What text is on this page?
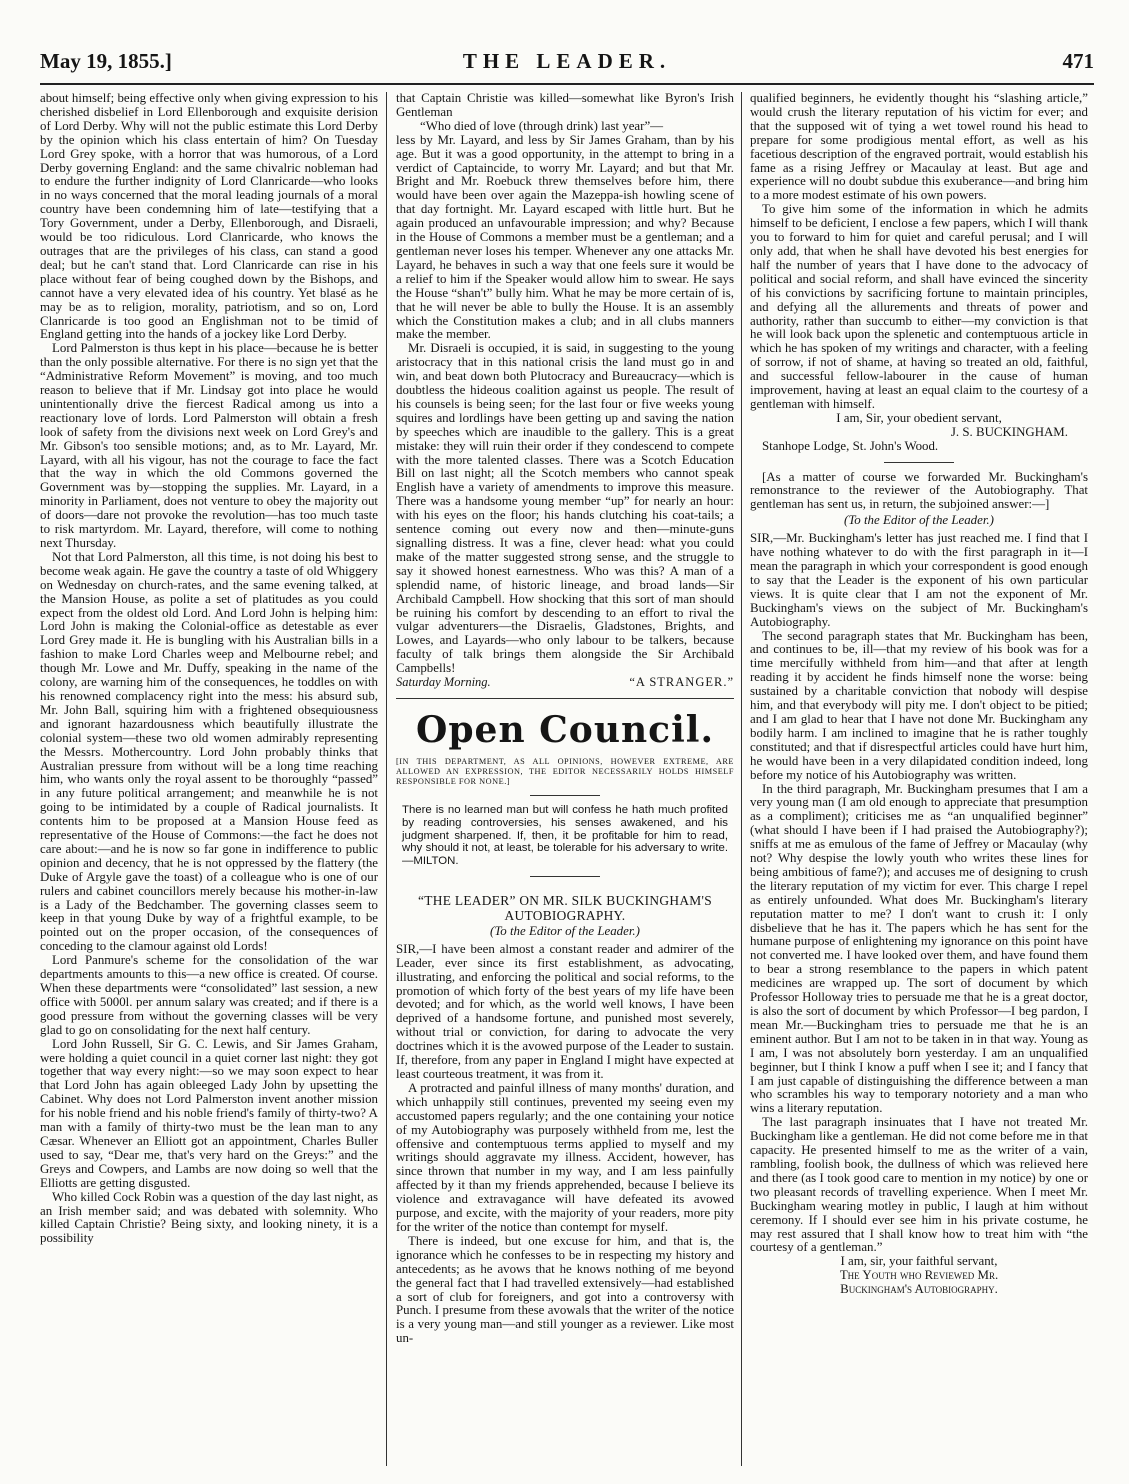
May 19, 1855.]	THE LEADER.	471

about himself; being effective only when giving expression to his cherished disbelief in Lord Ellenborough and exquisite derision of Lord Derby. Why will not the public estimate this Lord Derby by the opinion which his class entertain of him? On Tuesday Lord Grey spoke, with a horror that was humorous, of a Lord Derby governing England: and the same chivalric nobleman had to endure the further indignity of Lord Clanricarde—who looks in no ways concerned that the moral leading journals of a moral country have been condemning him of late—testifying that a Tory Government, under a Derby, Ellenborough, and Disraeli, would be too ridiculous. Lord Clanricarde, who knows the outrages that are the privileges of his class, can stand a good deal; but he can't stand that. Lord Clanricarde can rise in his place without fear of being coughed down by the Bishops, and cannot have a very elevated idea of his country. Yet blasé as he may be as to religion, morality, patriotism, and so on, Lord Clanricarde is too good an Englishman not to be timid of England getting into the hands of a jockey like Lord Derby.

Lord Palmerston is thus kept in his place—because he is better than the only possible alternative. For there is no sign yet that the “Administrative Reform Movement” is moving, and too much reason to believe that if Mr. Lindsay got into place he would unintentionally drive the fiercest Radical among us into a reactionary love of lords. Lord Palmerston will obtain a fresh look of safety from the divisions next week on Lord Grey's and Mr. Gibson's too sensible motions; and, as to Mr. Layard, Mr. Layard, with all his vigour, has not the courage to face the fact that the way in which the old Commons governed the Government was by—stopping the supplies. Mr. Layard, in a minority in Parliament, does not venture to obey the majority out of doors—dare not provoke the revolution—has too much taste to risk martyrdom. Mr. Layard, therefore, will come to nothing next Thursday.

Not that Lord Palmerston, all this time, is not doing his best to become weak again. He gave the country a taste of old Whiggery on Wednesday on church-rates, and the same evening talked, at the Mansion House, as polite a set of platitudes as you could expect from the oldest old Lord. And Lord John is helping him: Lord John is making the Colonial-office as detestable as ever Lord Grey made it. He is bungling with his Australian bills in a fashion to make Lord Charles weep and Melbourne rebel; and though Mr. Lowe and Mr. Duffy, speaking in the name of the colony, are warning him of the consequences, he toddles on with his renowned complacency right into the mess: his absurd sub, Mr. John Ball, squiring him with a frightened obsequiousness and ignorant hazardousness which beautifully illustrate the colonial system—these two old women admirably representing the Messrs. Mothercountry. Lord John probably thinks that Australian pressure from without will be a long time reaching him, who wants only the royal assent to be thoroughly “passed” in any future political arrangement; and meanwhile he is not going to be intimidated by a couple of Radical journalists. It contents him to be proposed at a Mansion House feed as representative of the House of Commons:—the fact he does not care about:—and he is now so far gone in indifference to public opinion and decency, that he is not oppressed by the flattery (the Duke of Argyle gave the toast) of a colleague who is one of our rulers and cabinet councillors merely because his mother-in-law is a Lady of the Bedchamber. The governing classes seem to keep in that young Duke by way of a frightful example, to be pointed out on the proper occasion, of the consequences of conceding to the clamour against old Lords!

Lord Panmure's scheme for the consolidation of the war departments amounts to this—a new office is created. Of course. When these departments were “consolidated” last session, a new office with 5000l. per annum salary was created; and if there is a good pressure from without the governing classes will be very glad to go on consolidating for the next half century.

Lord John Russell, Sir G. C. Lewis, and Sir James Graham, were holding a quiet council in a quiet corner last night: they got together that way every night:—so we may soon expect to hear that Lord John has again obleeged Lady John by upsetting the Cabinet. Why does not Lord Palmerston invent another mission for his noble friend and his noble friend's family of thirty-two? A man with a family of thirty-two must be the lean man to any Cæsar. Whenever an Elliott got an appointment, Charles Buller used to say, “Dear me, that's very hard on the Greys:” and the Greys and Cowpers, and Lambs are now doing so well that the Elliotts are getting disgusted.

Who killed Cock Robin was a question of the day last night, as an Irish member said; and was debated with solemnity. Who killed Captain Christie? Being sixty, and looking ninety, it is a possibility

that Captain Christie was killed—somewhat like Byron's Irish Gentleman

“Who died of love (through drink) last year”—

less by Mr. Layard, and less by Sir James Graham, than by his age. But it was a good opportunity, in the attempt to bring in a verdict of Captaincide, to worry Mr. Layard; and but that Mr. Bright and Mr. Roebuck threw themselves before him, there would have been over again the Mazeppa-ish howling scene of that day fortnight. Mr. Layard escaped with little hurt. But he again produced an unfavourable impression; and why? Because in the House of Commons a member must be a gentleman; and a gentleman never loses his temper. Whenever any one attacks Mr. Layard, he behaves in such a way that one feels sure it would be a relief to him if the Speaker would allow him to swear. He says the House “shan't” bully him. What he may be more certain of is, that he will never be able to bully the House. It is an assembly which the Constitution makes a club; and in all clubs manners make the member.

Mr. Disraeli is occupied, it is said, in suggesting to the young aristocracy that in this national crisis the land must go in and win, and beat down both Plutocracy and Bureaucracy—which is doubtless the hideous coalition against us people. The result of his counsels is being seen; for the last four or five weeks young squires and lordlings have been getting up and saving the nation by speeches which are inaudible to the gallery. This is a great mistake: they will ruin their order if they condescend to compete with the more talented classes. There was a Scotch Education Bill on last night; all the Scotch members who cannot speak English have a variety of amendments to improve this measure. There was a handsome young member “up” for nearly an hour: with his eyes on the floor; his hands clutching his coat-tails; a sentence coming out every now and then—minute-guns signalling distress. It was a fine, clever head: what you could make of the matter suggested strong sense, and the struggle to say it showed honest earnestness. Who was this? A man of a splendid name, of historic lineage, and broad lands—Sir Archibald Campbell. How shocking that this sort of man should be ruining his comfort by descending to an effort to rival the vulgar adventurers—the Disraelis, Gladstones, Brights, and Lowes, and Layards—who only labour to be talkers, because faculty of talk brings them alongside the Sir Archibald Campbells!

Saturday Morning.	“A STRANGER.”
Open Council.
[IN THIS DEPARTMENT, AS ALL OPINIONS, HOWEVER EXTREME, ARE ALLOWED AN EXPRESSION, THE EDITOR NECESSARILY HOLDS HIMSELF RESPONSIBLE FOR NONE.]
There is no learned man but will confess he hath much profited by reading controversies, his senses awakened, and his judgment sharpened. If, then, it be profitable for him to read, why should it not, at least, be tolerable for his adversary to write.—MILTON.
“THE LEADER” ON MR. SILK BUCKINGHAM'S AUTOBIOGRAPHY.
(To the Editor of the Leader.)

SIR,—I have been almost a constant reader and admirer of the Leader, ever since its first establishment, as advocating, illustrating, and enforcing the political and social reforms, to the promotion of which forty of the best years of my life have been devoted; and for which, as the world well knows, I have been deprived of a handsome fortune, and punished most severely, without trial or conviction, for daring to advocate the very doctrines which it is the avowed purpose of the Leader to sustain. If, therefore, from any paper in England I might have expected at least courteous treatment, it was from it.

A protracted and painful illness of many months' duration, and which unhappily still continues, prevented my seeing even my accustomed papers regularly; and the one containing your notice of my Autobiography was purposely withheld from me, lest the offensive and contemptuous terms applied to myself and my writings should aggravate my illness. Accident, however, has since thrown that number in my way, and I am less painfully affected by it than my friends apprehended, because I believe its violence and extravagance will have defeated its avowed purpose, and excite, with the majority of your readers, more pity for the writer of the notice than contempt for myself.

There is indeed, but one excuse for him, and that is, the ignorance which he confesses to be in respecting my history and antecedents; as he avows that he knows nothing of me beyond the general fact that I had travelled extensively—had established a sort of club for foreigners, and got into a controversy with Punch. I presume from these avowals that the writer of the notice is a very young man—and still younger as a reviewer. Like most un-

qualified beginners, he evidently thought his “slashing article,” would crush the literary reputation of his victim for ever; and that the supposed wit of tying a wet towel round his head to prepare for some prodigious mental effort, as well as his facetious description of the engraved portrait, would establish his fame as a rising Jeffrey or Macaulay at least. But age and experience will no doubt subdue this exuberance—and bring him to a more modest estimate of his own powers.

To give him some of the information in which he admits himself to be deficient, I enclose a few papers, which I will thank you to forward to him for quiet and careful perusal; and I will only add, that when he shall have devoted his best energies for half the number of years that I have done to the advocacy of political and social reform, and shall have evinced the sincerity of his convictions by sacrificing fortune to maintain principles, and defying all the allurements and threats of power and authority, rather than succumb to either—my conviction is that he will look back upon the splenetic and contemptuous article in which he has spoken of my writings and character, with a feeling of sorrow, if not of shame, at having so treated an old, faithful, and successful fellow-labourer in the cause of human improvement, having at least an equal claim to the courtesy of a gentleman with himself.

I am, Sir, your obedient servant,
J. S. BUCKINGHAM.

Stanhope Lodge, St. John's Wood.

[As a matter of course we forwarded Mr. Buckingham's remonstrance to the reviewer of the Autobiography. That gentleman has sent us, in return, the subjoined answer:—]

(To the Editor of the Leader.)

SIR,—Mr. Buckingham's letter has just reached me. I find that I have nothing whatever to do with the first paragraph in it—I mean the paragraph in which your correspondent is good enough to say that the Leader is the exponent of his own particular views. It is quite clear that I am not the exponent of Mr. Buckingham's views on the subject of Mr. Buckingham's Autobiography.

The second paragraph states that Mr. Buckingham has been, and continues to be, ill—that my review of his book was for a time mercifully withheld from him—and that after at length reading it by accident he finds himself none the worse: being sustained by a charitable conviction that nobody will despise him, and that everybody will pity me. I don't object to be pitied; and I am glad to hear that I have not done Mr. Buckingham any bodily harm. I am inclined to imagine that he is rather toughly constituted; and that if disrespectful articles could have hurt him, he would have been in a very dilapidated condition indeed, long before my notice of his Autobiography was written.

In the third paragraph, Mr. Buckingham presumes that I am a very young man (I am old enough to appreciate that presumption as a compliment); criticises me as “an unqualified beginner” (what should I have been if I had praised the Autobiography?); sniffs at me as emulous of the fame of Jeffrey or Macaulay (why not? Why despise the lowly youth who writes these lines for being ambitious of fame?); and accuses me of designing to crush the literary reputation of my victim for ever. This charge I repel as entirely unfounded. What does Mr. Buckingham's literary reputation matter to me? I don't want to crush it: I only disbelieve that he has it. The papers which he has sent for the humane purpose of enlightening my ignorance on this point have not converted me. I have looked over them, and have found them to bear a strong resemblance to the papers in which patent medicines are wrapped up. The sort of document by which Professor Holloway tries to persuade me that he is a great doctor, is also the sort of document by which Professor—I beg pardon, I mean Mr.—Buckingham tries to persuade me that he is an eminent author. But I am not to be taken in in that way. Young as I am, I was not absolutely born yesterday. I am an unqualified beginner, but I think I know a puff when I see it; and I fancy that I am just capable of distinguishing the difference between a man who scrambles his way to temporary notoriety and a man who wins a literary reputation.

The last paragraph insinuates that I have not treated Mr. Buckingham like a gentleman. He did not come before me in that capacity. He presented himself to me as the writer of a vain, rambling, foolish book, the dullness of which was relieved here and there (as I took good care to mention in my notice) by one or two pleasant records of travelling experience. When I meet Mr. Buckingham wearing motley in public, I laugh at him without ceremony. If I should ever see him in his private costume, he may rest assured that I shall know how to treat him with “the courtesy of a gentleman.”

I am, sir, your faithful servant,
The Youth who Reviewed Mr.
Buckingham's Autobiography.
